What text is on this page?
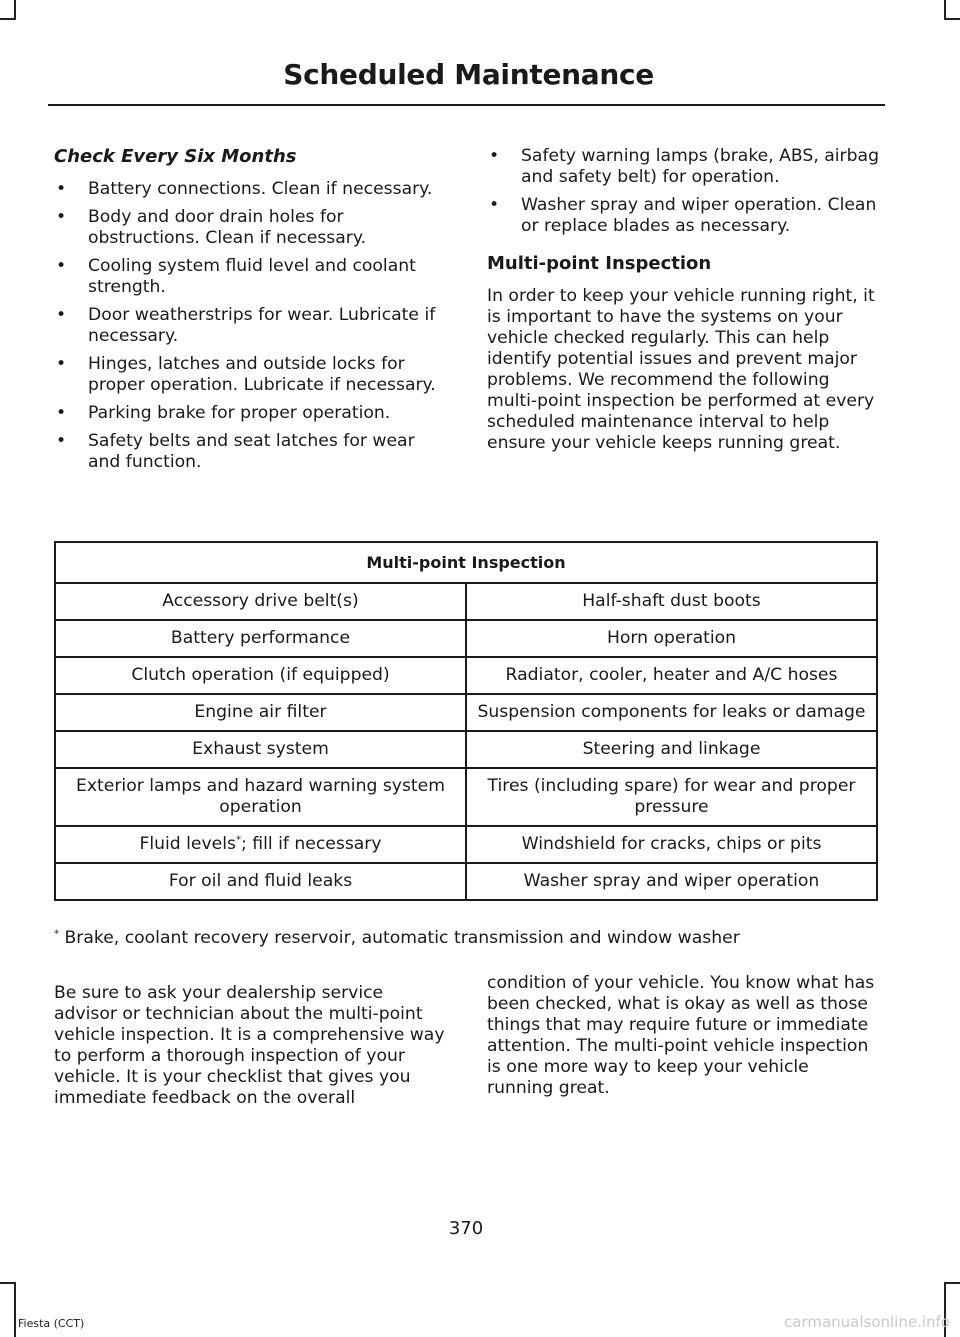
Scheduled Maintenance

Check Every Six Months

• Battery connections. Clean if necessary.
• Body and door drain holes for obstructions. Clean if necessary.
• Cooling system fluid level and coolant strength.
• Door weatherstrips for wear. Lubricate if necessary.
• Hinges, latches and outside locks for proper operation. Lubricate if necessary.
• Parking brake for proper operation.
• Safety belts and seat latches for wear and function.
• Safety warning lamps (brake, ABS, airbag and safety belt) for operation.
• Washer spray and wiper operation. Clean or replace blades as necessary.

Multi-point Inspection

In order to keep your vehicle running right, it is important to have the systems on your vehicle checked regularly. This can help identify potential issues and prevent major problems. We recommend the following multi-point inspection be performed at every scheduled maintenance interval to help ensure your vehicle keeps running great.

Multi-point Inspection	
Accessory drive belt(s)	Half-shaft dust boots
Battery performance	Horn operation
Clutch operation (if equipped)	Radiator, cooler, heater and A/C hoses
Engine air filter	Suspension components for leaks or damage
Exhaust system	Steering and linkage
Exterior lamps and hazard warning system operation	Tires (including spare) for wear and proper pressure
Fluid levels*; fill if necessary	Windshield for cracks, chips or pits
For oil and fluid leaks	Washer spray and wiper operation

* Brake, coolant recovery reservoir, automatic transmission and window washer

Be sure to ask your dealership service advisor or technician about the multi-point vehicle inspection. It is a comprehensive way to perform a thorough inspection of your vehicle. It is your checklist that gives you immediate feedback on the overall

condition of your vehicle. You know what has been checked, what is okay as well as those things that may require future or immediate attention. The multi-point vehicle inspection is one more way to keep your vehicle running great.

370

Fiesta (CCT)	carmanualsonline.info
